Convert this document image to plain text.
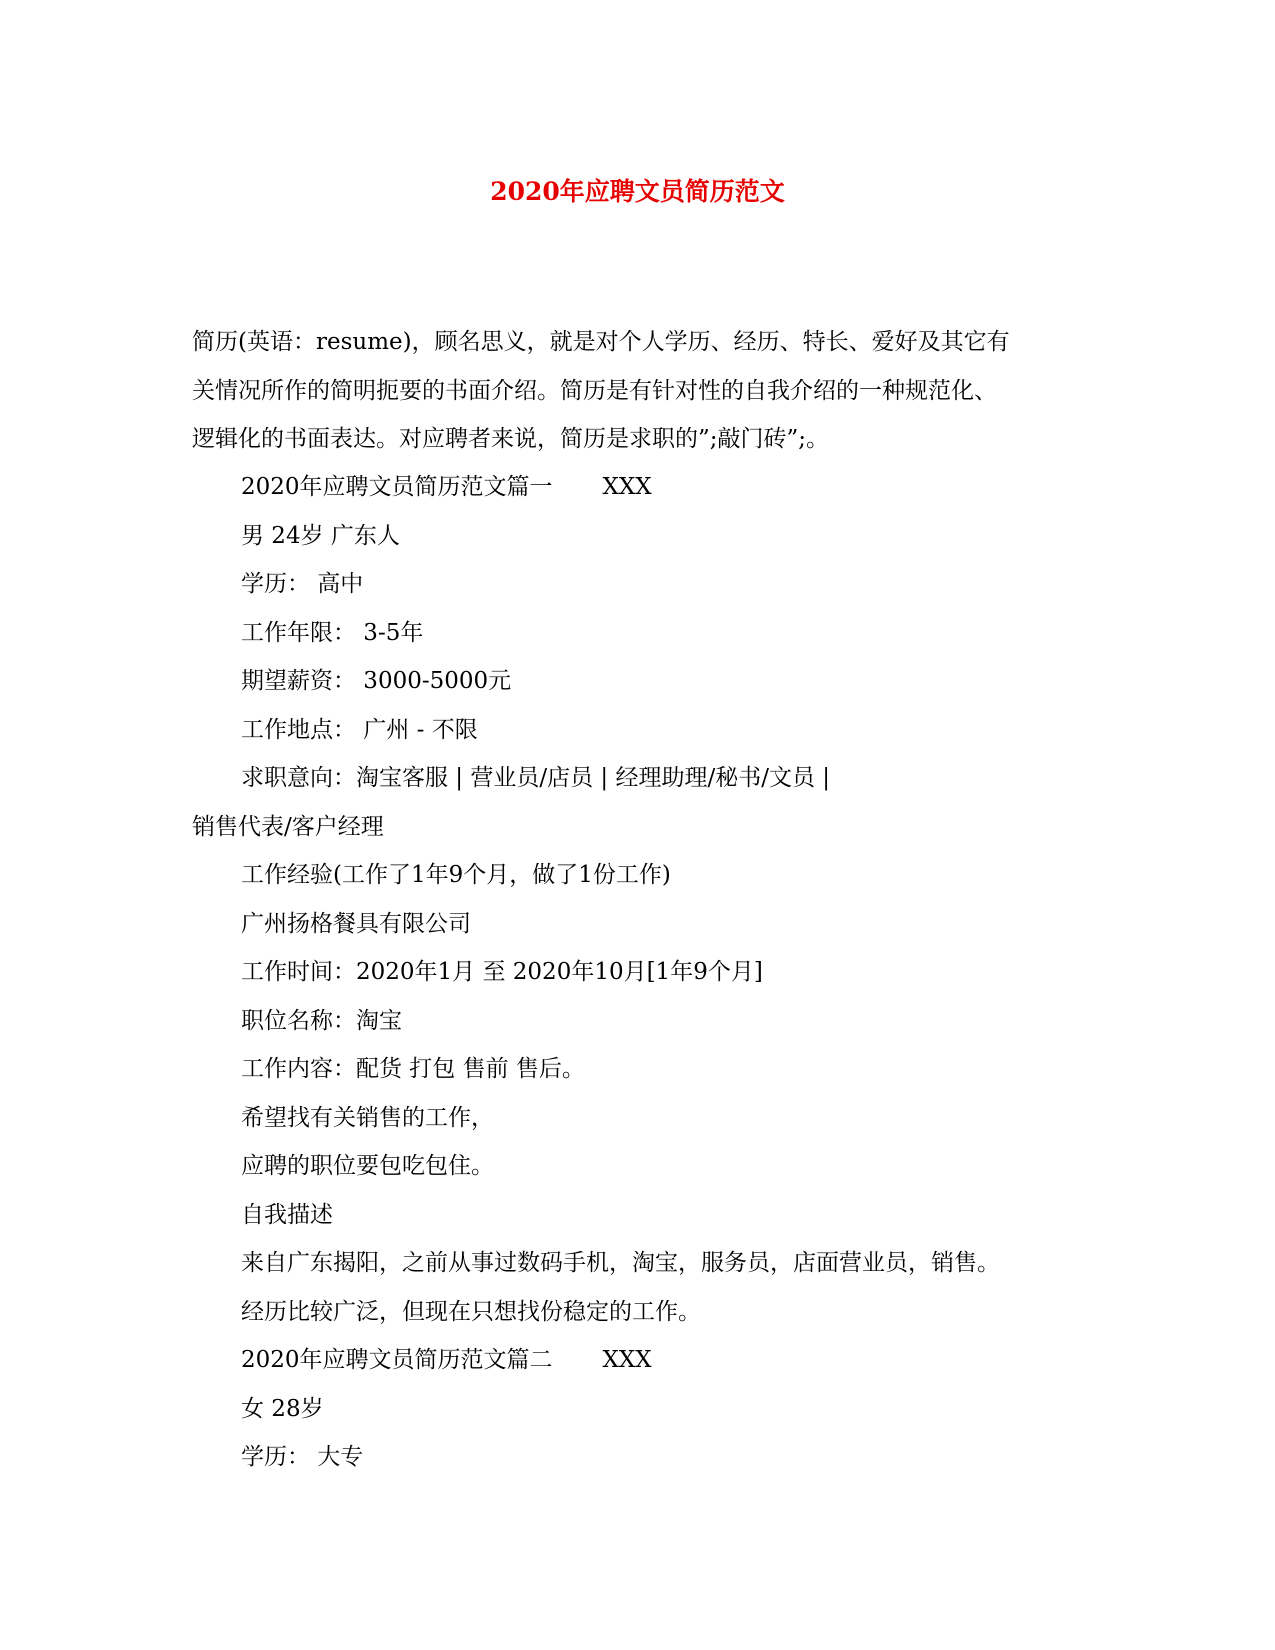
2020年应聘文员简历范文
简历(英语：resume)，顾名思义，就是对个人学历、经历、特长、爱好及其它有
关情况所作的简明扼要的书面介绍。简历是有针对性的自我介绍的一种规范化、
逻辑化的书面表达。对应聘者来说，简历是求职的”;敲门砖”;。
2020年应聘文员简历范文篇一 XXX
男 24岁 广东人
学历： 高中
工作年限： 3-5年
期望薪资： 3000-5000元
工作地点： 广州 - 不限
求职意向：淘宝客服 | 营业员/店员 | 经理助理/秘书/文员 |
销售代表/客户经理
工作经验(工作了1年9个月，做了1份工作)
广州扬格餐具有限公司
工作时间：2020年1月 至 2020年10月[1年9个月]
职位名称：淘宝
工作内容：配货 打包 售前 售后。
希望找有关销售的工作，
应聘的职位要包吃包住。
自我描述
来自广东揭阳，之前从事过数码手机，淘宝，服务员，店面营业员，销售。
经历比较广泛，但现在只想找份稳定的工作。
2020年应聘文员简历范文篇二 XXX
女 28岁
学历： 大专
